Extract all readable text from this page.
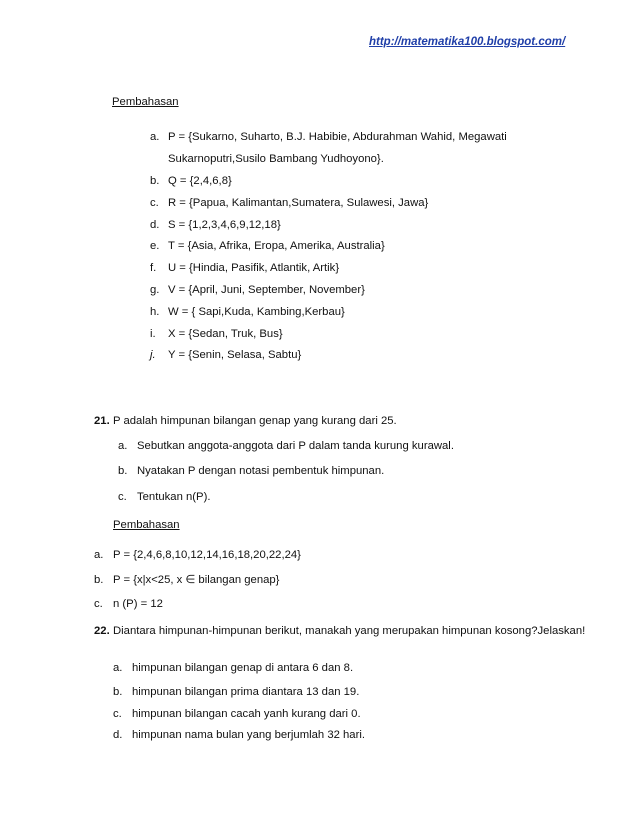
http://matematika100.blogspot.com/
Pembahasan
a. P = {Sukarno, Suharto, B.J. Habibie, Abdurahman Wahid, Megawati
Sukarnoputri,Susilo Bambang Yudhoyono}.
b. Q = {2,4,6,8}
c. R = {Papua, Kalimantan,Sumatera, Sulawesi, Jawa}
d. S = {1,2,3,4,6,9,12,18}
e. T = {Asia, Afrika, Eropa, Amerika, Australia}
f. U = {Hindia, Pasifik, Atlantik, Artik}
g. V = {April, Juni, September, November}
h. W = { Sapi,Kuda, Kambing,Kerbau}
i. X = {Sedan, Truk, Bus}
j. Y = {Senin, Selasa, Sabtu}
21. P adalah himpunan bilangan genap yang kurang dari 25.
a. Sebutkan anggota-anggota dari P dalam tanda kurung kurawal.
b. Nyatakan P dengan notasi pembentuk himpunan.
c. Tentukan n(P).
Pembahasan
a. P = {2,4,6,8,10,12,14,16,18,20,22,24}
b. P = {x|x<25, x ∈ bilangan genap}
c. n (P) = 12
22. Diantara himpunan-himpunan berikut, manakah yang merupakan himpunan kosong?Jelaskan!
a. himpunan bilangan genap di antara 6 dan 8.
b. himpunan bilangan prima diantara 13 dan 19.
c. himpunan bilangan cacah yanh kurang dari 0.
d. himpunan nama bulan yang berjumlah 32 hari.
